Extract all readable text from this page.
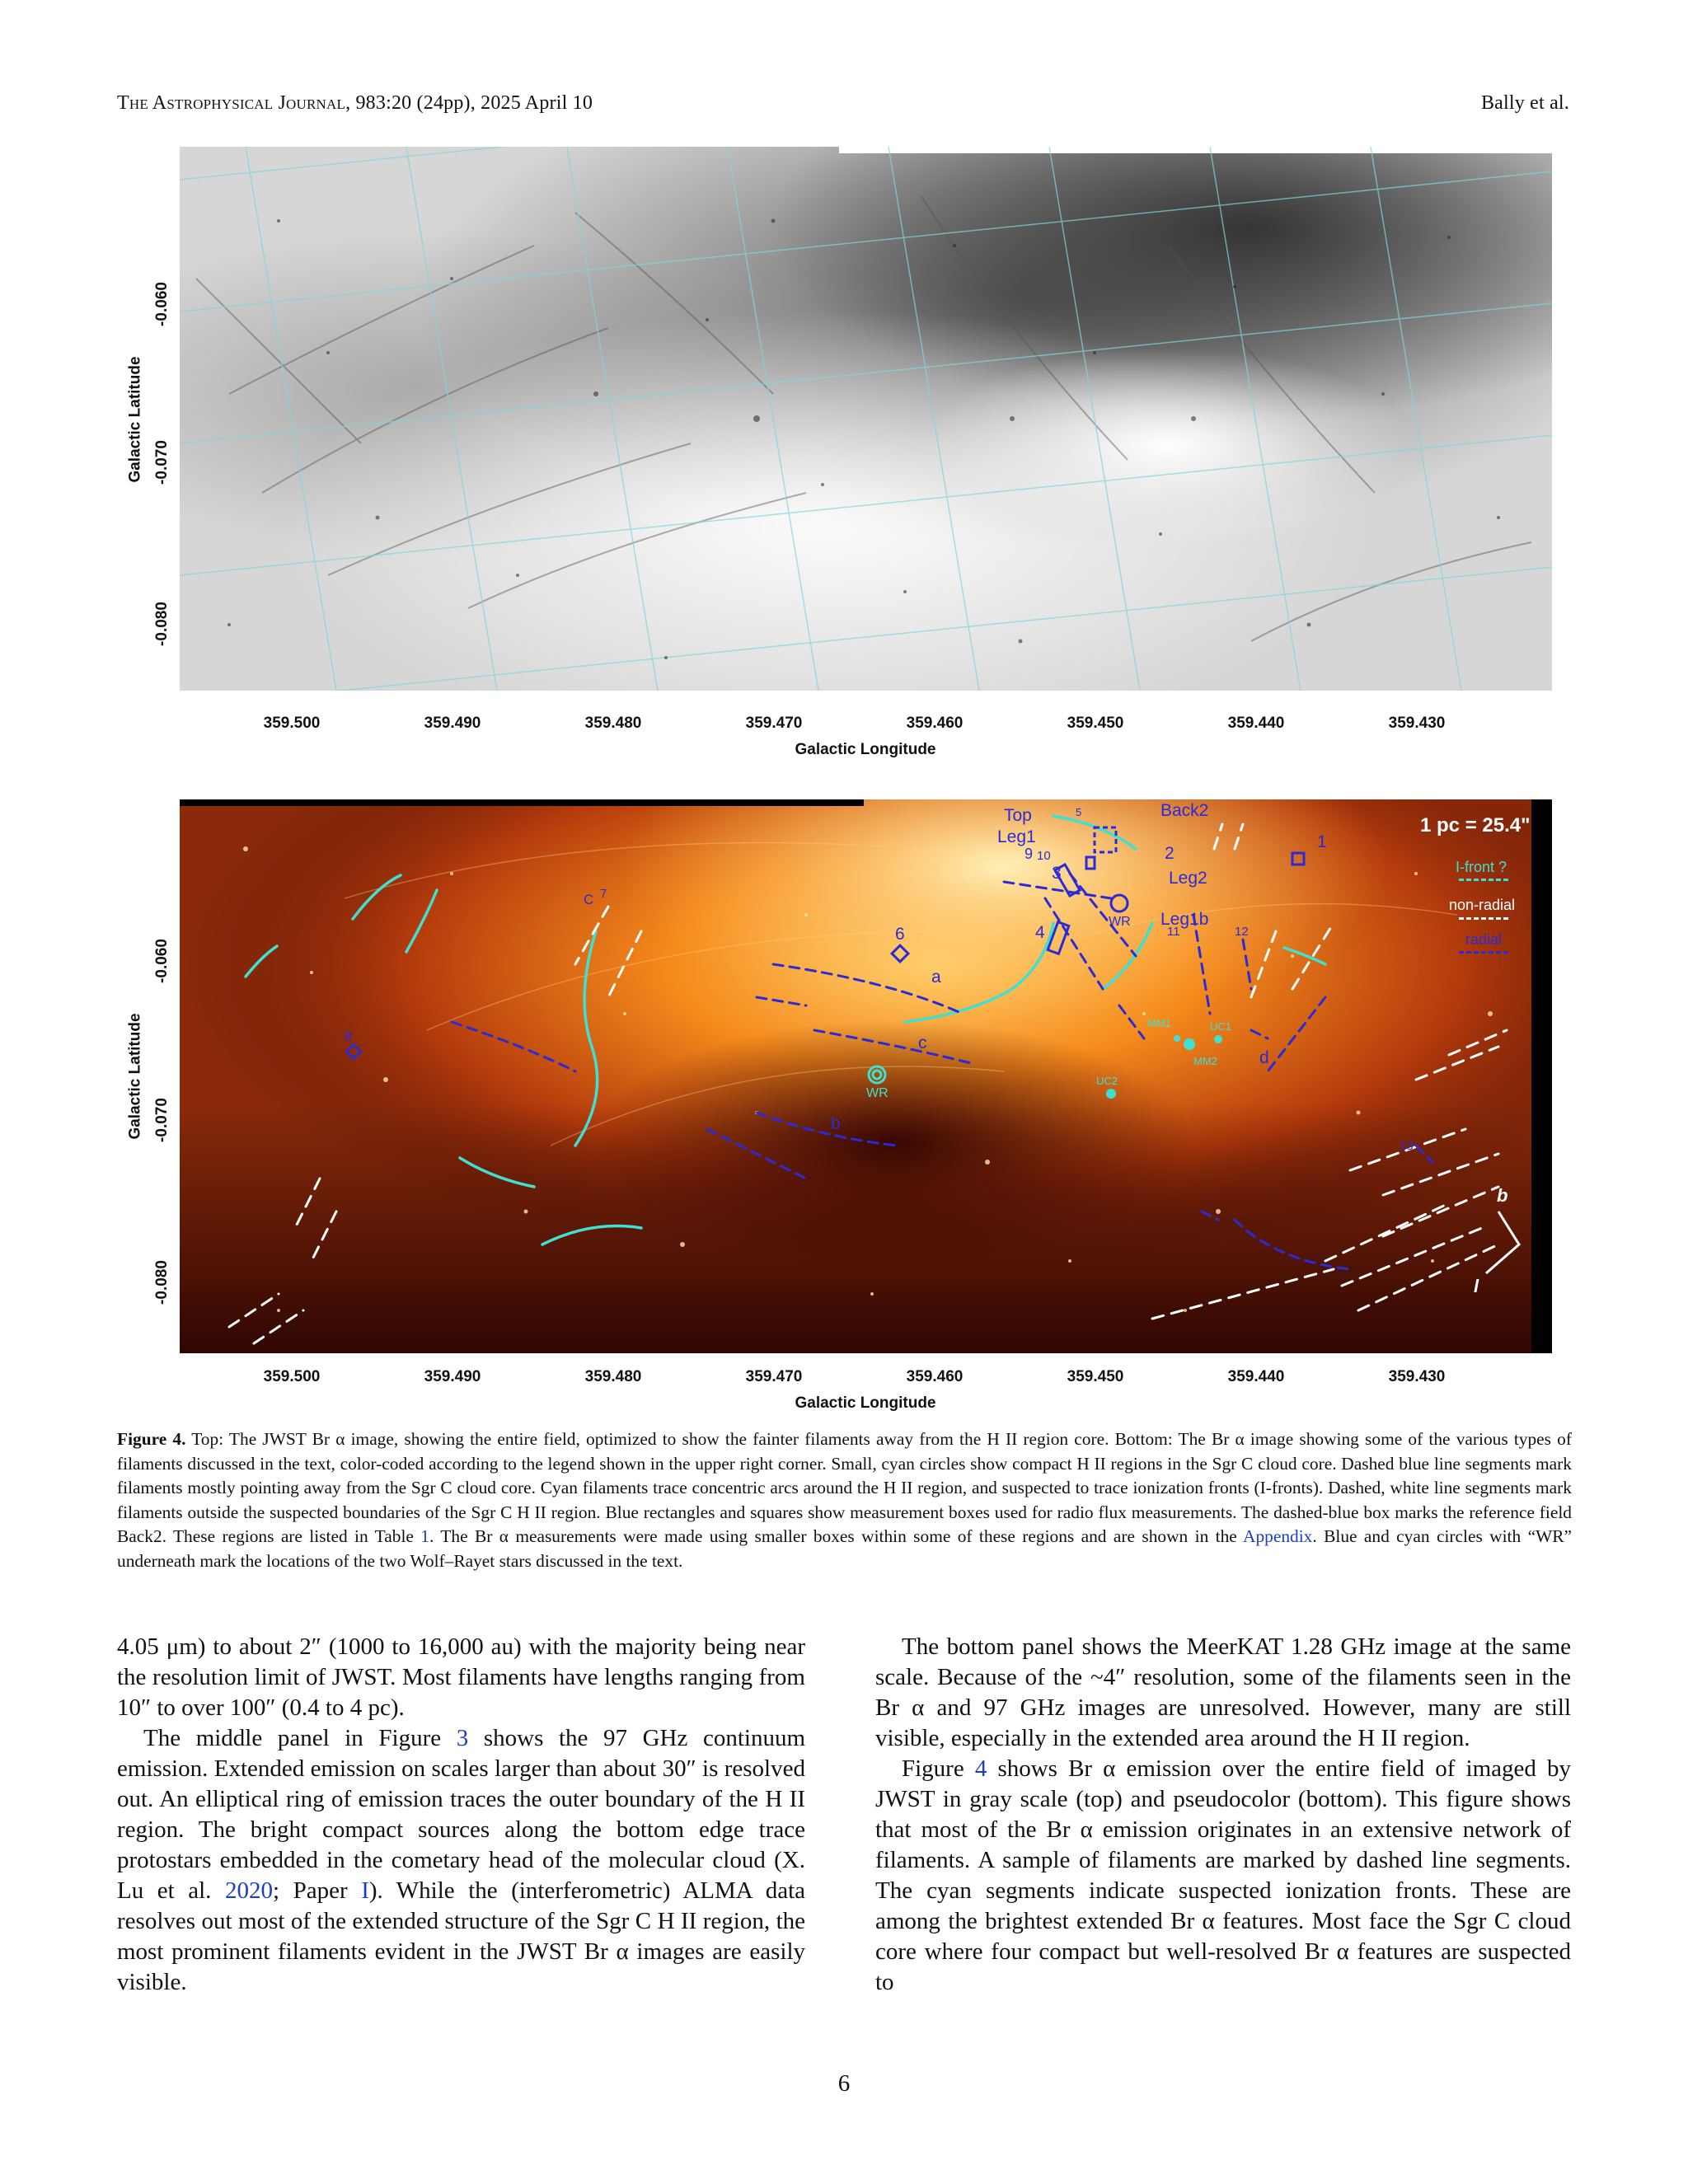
The Astrophysical Journal, 983:20 (24pp), 2025 April 10	Bally et al.
-0.060
-0.070
-0.080
Galactic Latitude
359.500	359.490	359.480	359.470	359.460	359.450	359.440	359.430
Galactic Longitude
1 pc = 25.4"
I-front ?
non-radial
radial
Top
Leg1
Back2
Leg2
Leg1b
WR
WR
MM1
MM2
UC1
UC2
1
2
3
4
5
6
9 10
11	12
C 7
8
13
a
b
c
d
b
l
-0.060
-0.070
-0.080
Galactic Latitude
359.500	359.490	359.480	359.470	359.460	359.450	359.440	359.430
Galactic Longitude
Figure 4. Top: The JWST Br α image, showing the entire field, optimized to show the fainter filaments away from the H II region core. Bottom: The Br α image showing some of the various types of filaments discussed in the text, color-coded according to the legend shown in the upper right corner. Small, cyan circles show compact H II regions in the Sgr C cloud core. Dashed blue line segments mark filaments mostly pointing away from the Sgr C cloud core. Cyan filaments trace concentric arcs around the H II region, and suspected to trace ionization fronts (I-fronts). Dashed, white line segments mark filaments outside the suspected boundaries of the Sgr C H II region. Blue rectangles and squares show measurement boxes used for radio flux measurements. The dashed-blue box marks the reference field Back2. These regions are listed in Table 1. The Br α measurements were made using smaller boxes within some of these regions and are shown in the Appendix. Blue and cyan circles with “WR” underneath mark the locations of the two Wolf–Rayet stars discussed in the text.

4.05 μm) to about 2″ (1000 to 16,000 au) with the majority being near the resolution limit of JWST. Most filaments have lengths ranging from 10″ to over 100″ (0.4 to 4 pc).

The middle panel in Figure 3 shows the 97 GHz continuum emission. Extended emission on scales larger than about 30″ is resolved out. An elliptical ring of emission traces the outer boundary of the H II region. The bright compact sources along the bottom edge trace protostars embedded in the cometary head of the molecular cloud (X. Lu et al. 2020; Paper I). While the (interferometric) ALMA data resolves out most of the extended structure of the Sgr C H II region, the most prominent filaments evident in the JWST Br α images are easily visible.

The bottom panel shows the MeerKAT 1.28 GHz image at the same scale. Because of the ~4″ resolution, some of the filaments seen in the Br α and 97 GHz images are unresolved. However, many are still visible, especially in the extended area around the H II region.

Figure 4 shows Br α emission over the entire field of imaged by JWST in gray scale (top) and pseudocolor (bottom). This figure shows that most of the Br α emission originates in an extensive network of filaments. A sample of filaments are marked by dashed line segments. The cyan segments indicate suspected ionization fronts. These are among the brightest extended Br α features. Most face the Sgr C cloud core where four compact but well-resolved Br α features are suspected to

6
